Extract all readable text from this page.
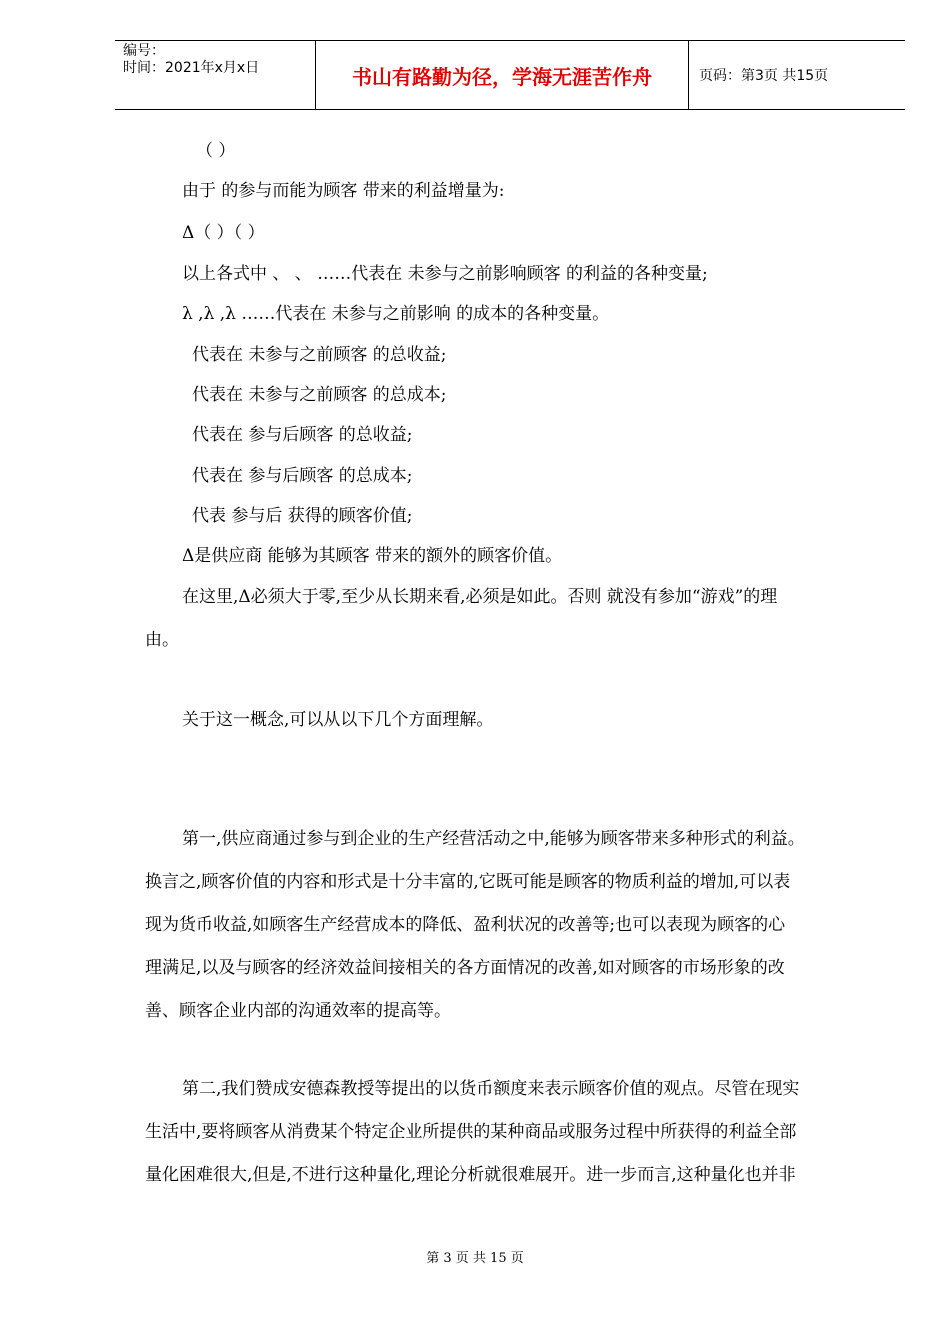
编号：
时间：2021年x月x日	书山有路勤为径，学海无涯苦作舟	页码：第3页 共15页
（ ）
由于 的参与而能为顾客 带来的利益增量为:
Δ（ ）（ ）
以上各式中 、 、 ……代表在 未参与之前影响顾客 的利益的各种变量;
λ ,λ ,λ ……代表在 未参与之前影响 的成本的各种变量。
代表在 未参与之前顾客 的总收益;
代表在 未参与之前顾客 的总成本;
代表在 参与后顾客 的总收益;
代表在 参与后顾客 的总成本;
代表 参与后 获得的顾客价值;
Δ是供应商 能够为其顾客 带来的额外的顾客价值。
在这里,Δ必须大于零,至少从长期来看,必须是如此。否则 就没有参加“游戏”的理
由。
关于这一概念,可以从以下几个方面理解。
第一,供应商通过参与到企业的生产经营活动之中,能够为顾客带来多种形式的利益。
换言之,顾客价值的内容和形式是十分丰富的,它既可能是顾客的物质利益的增加,可以表
现为货币收益,如顾客生产经营成本的降低、盈利状况的改善等;也可以表现为顾客的心
理满足,以及与顾客的经济效益间接相关的各方面情况的改善,如对顾客的市场形象的改
善、顾客企业内部的沟通效率的提高等。
第二,我们赞成安德森教授等提出的以货币额度来表示顾客价值的观点。尽管在现实
生活中,要将顾客从消费某个特定企业所提供的某种商品或服务过程中所获得的利益全部
量化困难很大,但是,不进行这种量化,理论分析就很难展开。进一步而言,这种量化也并非
第 3 页 共 15 页
